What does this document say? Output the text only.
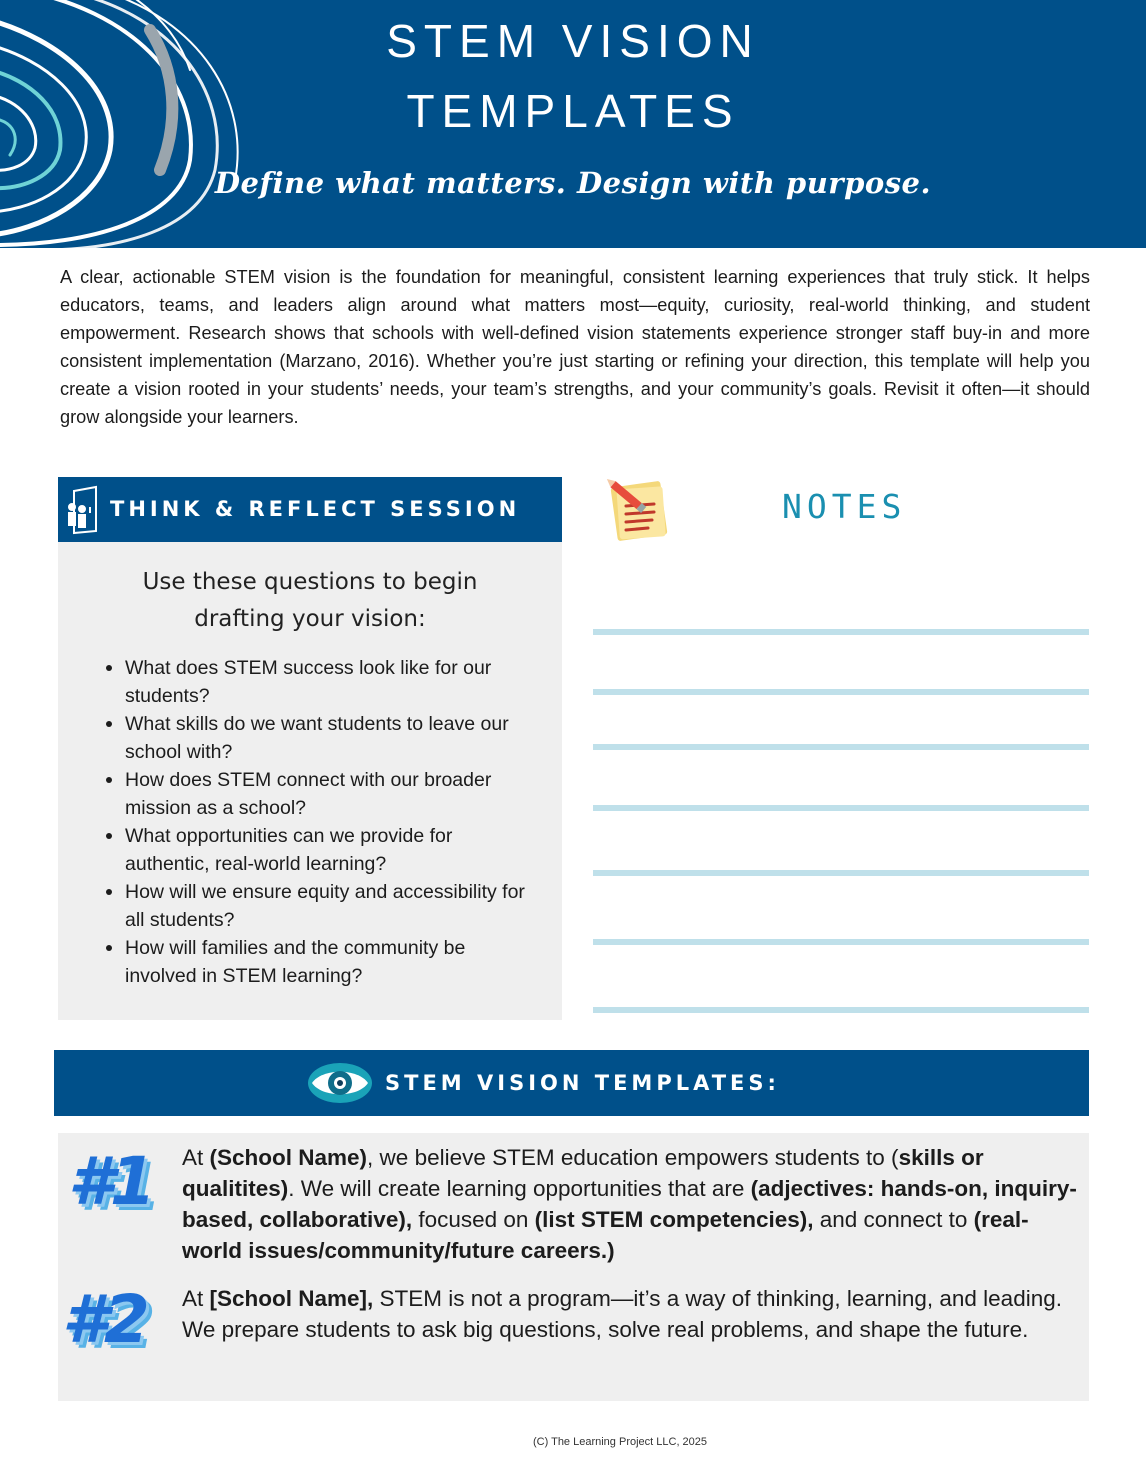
STEM VISION
TEMPLATES
Define what matters. Design with purpose.

A clear, actionable STEM vision is the foundation for meaningful, consistent learning experiences that truly stick. It helps educators, teams, and leaders align around what matters most—equity, curiosity, real-world thinking, and student empowerment. Research shows that schools with well-defined vision statements experience stronger staff buy-in and more consistent implementation (Marzano, 2016). Whether you’re just starting or refining your direction, this template will help you create a vision rooted in your students’ needs, your team’s strengths, and your community’s goals. Revisit it often—it should grow alongside your learners.

THINK & REFLECT SESSION
Use these questions to begin
drafting your vision:
What does STEM success look like for our students?
What skills do we want students to leave our school with?
How does STEM connect with our broader mission as a school?
What opportunities can we provide for authentic, real-world learning?
How will we ensure equity and accessibility for all students?
How will families and the community be involved in STEM learning?
NOTES
STEM VISION TEMPLATES:
#1 At (School Name), we believe STEM education empowers students to (skills or qualitites). We will create learning opportunities that are (adjectives: hands-on, inquiry-based, collaborative), focused on (list STEM competencies), and connect to (real-world issues/community/future careers.)
#2 At [School Name], STEM is not a program—it’s a way of thinking, learning, and leading. We prepare students to ask big questions, solve real problems, and shape the future.
(C) The Learning Project LLC, 2025
